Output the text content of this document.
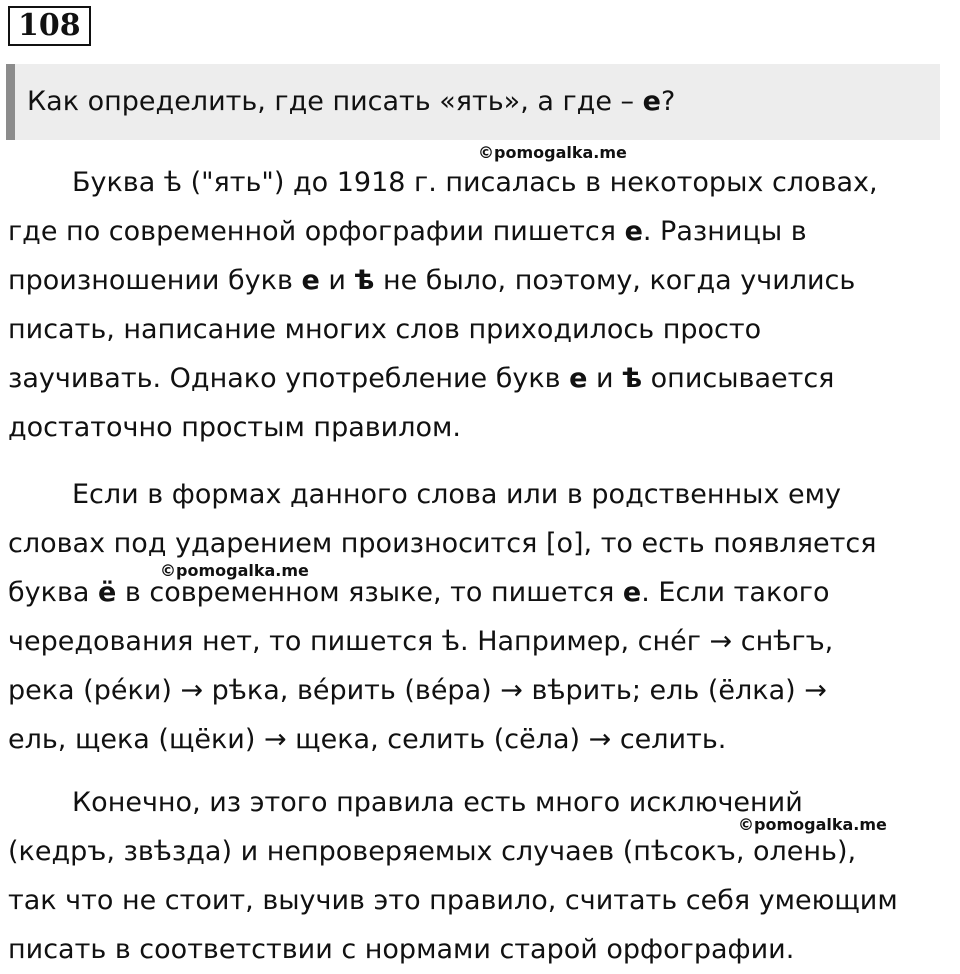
108
Как определить, где писать «ять», а где – е?
©pomogalka.me

Буква ѣ ("ять") до 1918 г. писалась в некоторых словах,
где по современной орфографии пишется е. Разницы в
произношении букв е и ѣ не было, поэтому, когда учились
писать, написание многих слов приходилось просто
заучивать. Однако употребление букв е и ѣ описывается
достаточно простым правилом.

Если в формах данного слова или в родственных ему
словах под ударением произносится [о], то есть появляется
буква ё в современном языке, то пишется е. Если такого
чередования нет, то пишется ѣ. Например, сне́г → снѣгъ,
река (ре́ки) → рѣка, ве́рить (ве́ра) → вѣрить; ель (ёлка) →
ель, щека (щёки) → щека, селить (сёла) → селить.

©pomogalka.me

Конечно, из этого правила есть много исключений
(кедръ, звѣзда) и непроверяемых случаев (пѣсокъ, олень),
так что не стоит, выучив это правило, считать себя умеющим
писать в соответствии с нормами старой орфографии.

©pomogalka.me
